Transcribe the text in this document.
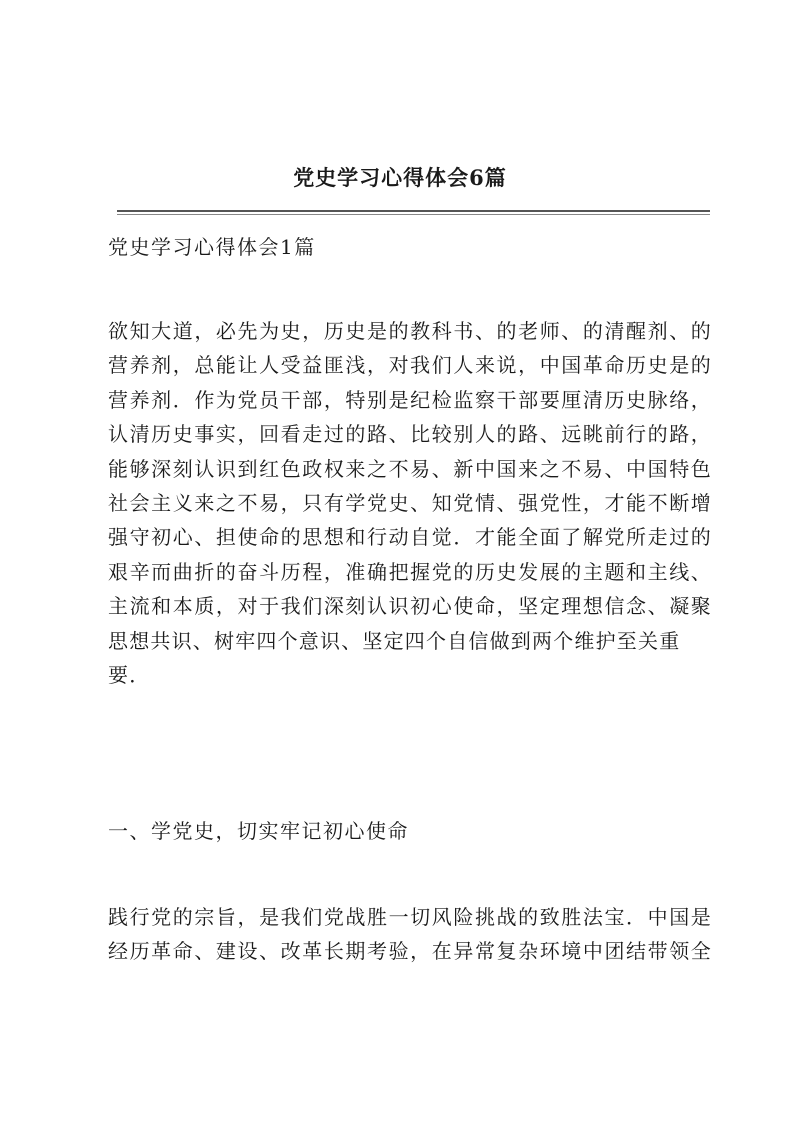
党史学习心得体会6篇
党史学习心得体会1篇
欲知大道，必先为史，历史是的教科书、的老师、的清醒剂、的
营养剂，总能让人受益匪浅，对我们人来说，中国革命历史是的
营养剂．作为党员干部，特别是纪检监察干部要厘清历史脉络，
认清历史事实，回看走过的路、比较别人的路、远眺前行的路，
能够深刻认识到红色政权来之不易、新中国来之不易、中国特色
社会主义来之不易，只有学党史、知党情、强党性，才能不断增
强守初心、担使命的思想和行动自觉．才能全面了解党所走过的
艰辛而曲折的奋斗历程，准确把握党的历史发展的主题和主线、
主流和本质，对于我们深刻认识初心使命，坚定理想信念、凝聚
思想共识、树牢四个意识、坚定四个自信做到两个维护至关重
要．
一、学党史，切实牢记初心使命
践行党的宗旨，是我们党战胜一切风险挑战的致胜法宝．中国是
经历革命、建设、改革长期考验，在异常复杂环境中团结带领全
